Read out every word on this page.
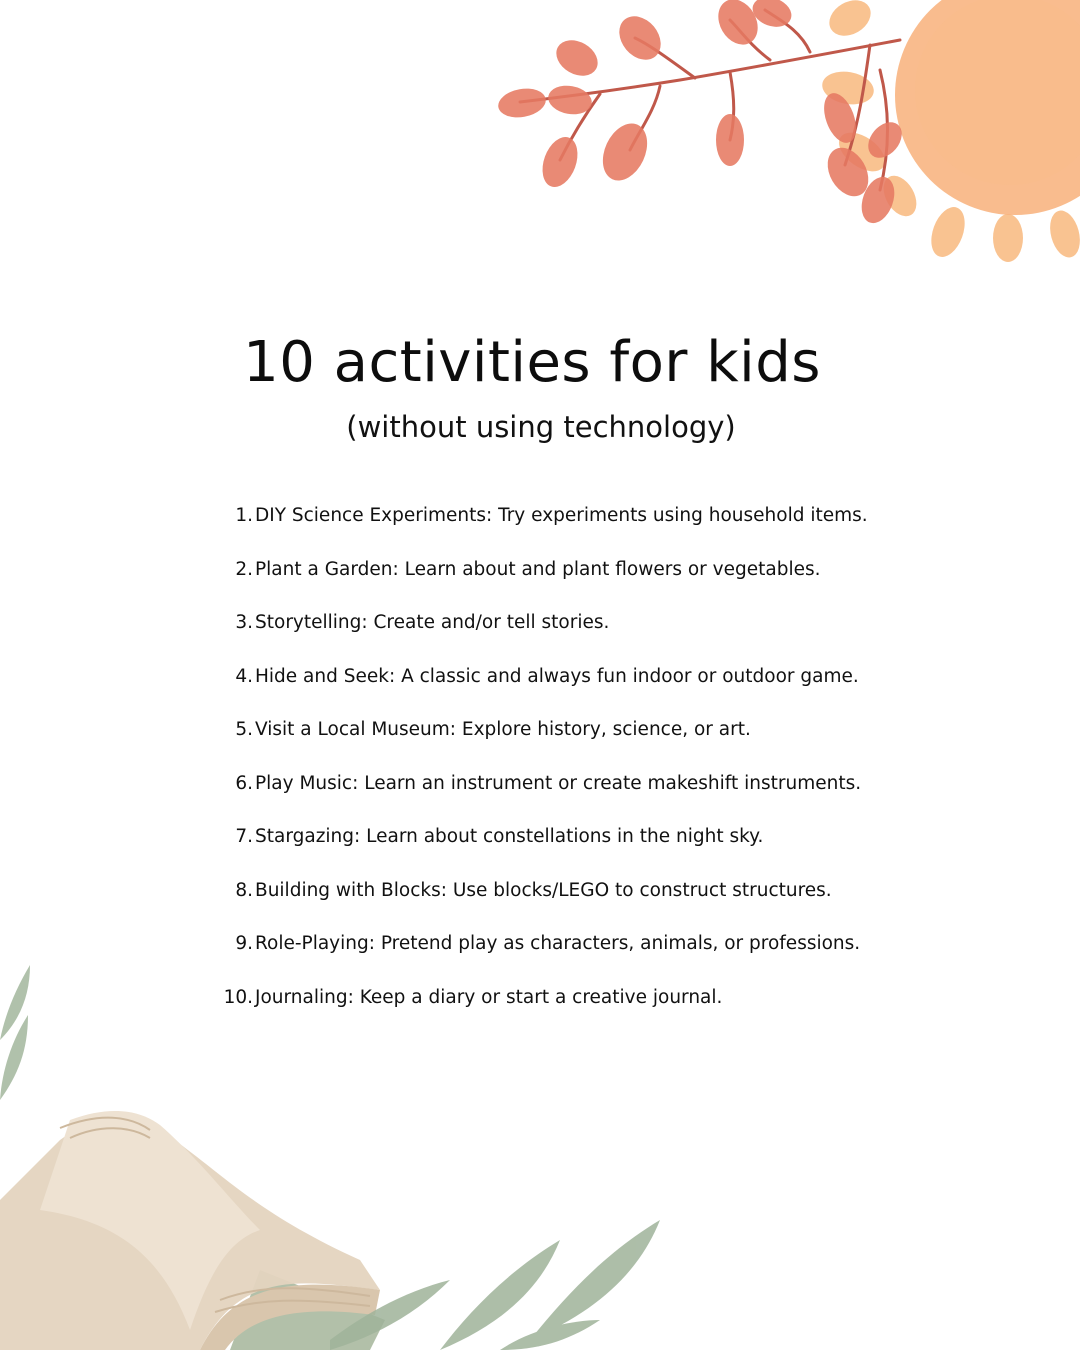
10 activities for kids
(without using technology)
1. DIY Science Experiments: Try experiments using household items.
2. Plant a Garden: Learn about and plant flowers or vegetables.
3. Storytelling: Create and/or tell stories.
4. Hide and Seek: A classic and always fun indoor or outdoor game.
5. Visit a Local Museum: Explore history, science, or art.
6. Play Music: Learn an instrument or create makeshift instruments.
7. Stargazing: Learn about constellations in the night sky.
8. Building with Blocks: Use blocks/LEGO to construct structures.
9. Role-Playing: Pretend play as characters, animals, or professions.
10. Journaling: Keep a diary or start a creative journal.
